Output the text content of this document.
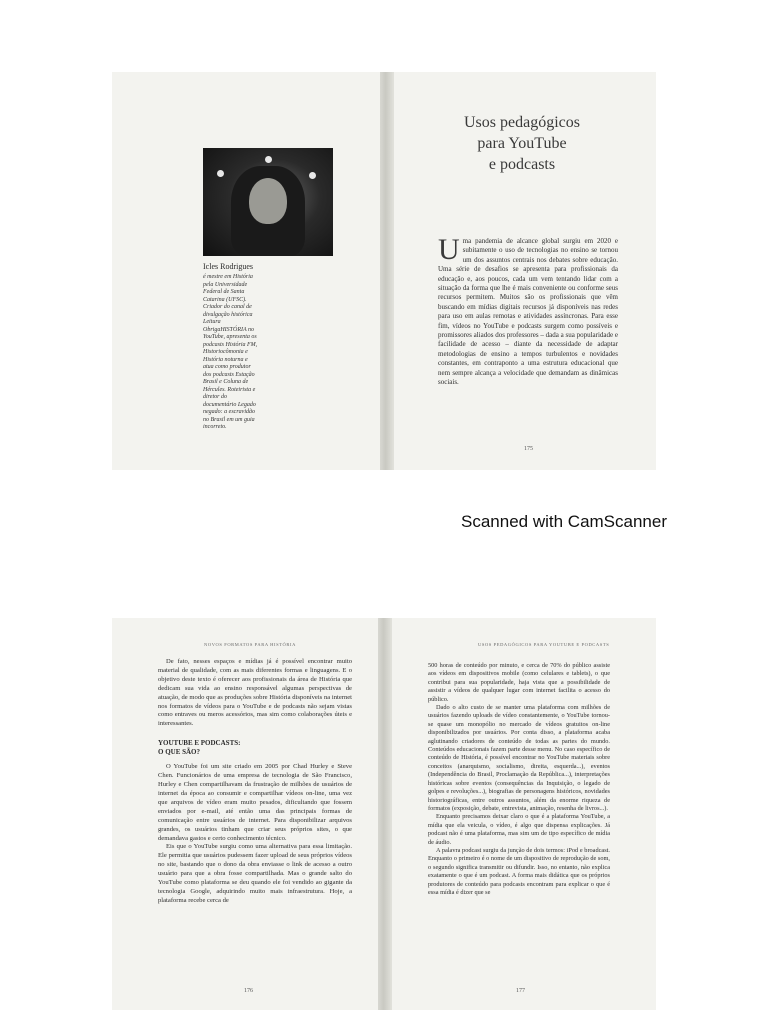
Icles Rodrigues
é mestre em História pela Universidade Federal de Santa Catarina (UFSC). Criador do canal de divulgação histórica Leitura ObrigaHISTÓRIA no YouTube, apresenta os podcasts História FM, Historiocômonia e História noturna e atua como produtor dos podcasts Estação Brasil e Coluna de Hércules. Roteirista e diretor do documentário Legado negado: a escravidão no Brasil em um guia incorreto.
Usos pedagógicos
para YouTube
e podcasts
Uma pandemia de alcance global surgiu em 2020 e subitamente o uso de tecnologias no ensino se tornou um dos assuntos centrais nos debates sobre educação. Uma série de desafios se apresenta para profissionais da educação e, aos poucos, cada um vem tentando lidar com a situação da forma que lhe é mais conveniente ou conforme seus recursos permitem. Muitos são os profissionais que vêm buscando em mídias digitais recursos já disponíveis nas redes para uso em aulas remotas e atividades assíncronas. Para esse fim, vídeos no YouTube e podcasts surgem como possíveis e promissores aliados dos professores – dada a sua popularidade e facilidade de acesso – diante da necessidade de adaptar metodologias de ensino a tempos turbulentos e novidades constantes, em contraponto a uma estrutura educacional que nem sempre alcança a velocidade que demandam as dinâmicas sociais.
175
Scanned with CamScanner
NOVOS FORMATOS PARA HISTÓRIA	USOS PEDAGÓGICOS PARA YOUTUBE E PODCASTS

De fato, nesses espaços e mídias já é possível encontrar muito material de qualidade, com as mais diferentes formas e linguagens. E o objetivo deste texto é oferecer aos profissionais da área de História que dedicam sua vida ao ensino responsável algumas perspectivas de atuação, de modo que as produções sobre História disponíveis na internet nos formatos de vídeos para o YouTube e de podcasts não sejam vistas como entraves ou meros acessórios, mas sim como colaborações úteis e interessantes.

YOUTUBE E PODCASTS:
O QUE SÃO?

O YouTube foi um site criado em 2005 por Chad Hurley e Steve Chen. Funcionários de uma empresa de tecnologia de São Francisco, Hurley e Chen compartilhavam da frustração de milhões de usuários de internet da época ao consumir e compartilhar vídeos on-line, uma vez que arquivos de vídeo eram muito pesados, dificultando que fossem enviados por e-mail, até então uma das principais formas de comunicação entre usuários de internet. Para disponibilizar arquivos grandes, os usuários tinham que criar seus próprios sites, o que demandava gastos e certo conhecimento técnico.

Eis que o YouTube surgiu como uma alternativa para essa limitação. Ele permitia que usuários pudessem fazer upload de seus próprios vídeos no site, bastando que o dono da obra enviasse o link de acesso a outro usuário para que a obra fosse compartilhada. Mas o grande salto do YouTube como plataforma se deu quando ele foi vendido ao gigante da tecnologia Google, adquirindo muito mais infraestrutura. Hoje, a plataforma recebe cerca de

176

500 horas de conteúdo por minuto, e cerca de 70% do público assiste aos vídeos em dispositivos mobile (como celulares e tablets), o que contribui para sua popularidade, haja vista que a possibilidade de assistir a vídeos de qualquer lugar com internet facilita o acesso do público.

Dado o alto custo de se manter uma plataforma com milhões de usuários fazendo uploads de vídeo constantemente, o YouTube tornou-se quase um monopólio no mercado de vídeos gratuitos on-line disponibilizados por usuários. Por conta disso, a plataforma acaba aglutinando criadores de conteúdo de todas as partes do mundo. Conteúdos educacionais fazem parte desse menu. No caso específico de conteúdo de História, é possível encontrar no YouTube materiais sobre conceitos (anarquismo, socialismo, direita, esquerda...), eventos (Independência do Brasil, Proclamação da República...), interpretações históricas sobre eventos (consequências da Inquisição, o legado de golpes e revoluções...), biografias de personagens históricos, novidades historiográficas, entre outros assuntos, além da enorme riqueza de formatos (exposição, debate, entrevista, animação, resenha de livros...).

Enquanto precisamos deixar claro o que é a plataforma YouTube, a mídia que ela veicula, o vídeo, é algo que dispensa explicações. Já podcast não é uma plataforma, mas sim um de tipo específico de mídia de áudio.

A palavra podcast surgiu da junção de dois termos: iPod e broadcast. Enquanto o primeiro é o nome de um dispositivo de reprodução de som, o segundo significa transmitir ou difundir. Isso, no entanto, não explica exatamente o que é um podcast. A forma mais didática que os próprios produtores de conteúdo para podcasts encontram para explicar o que é essa mídia é dizer que se

177
